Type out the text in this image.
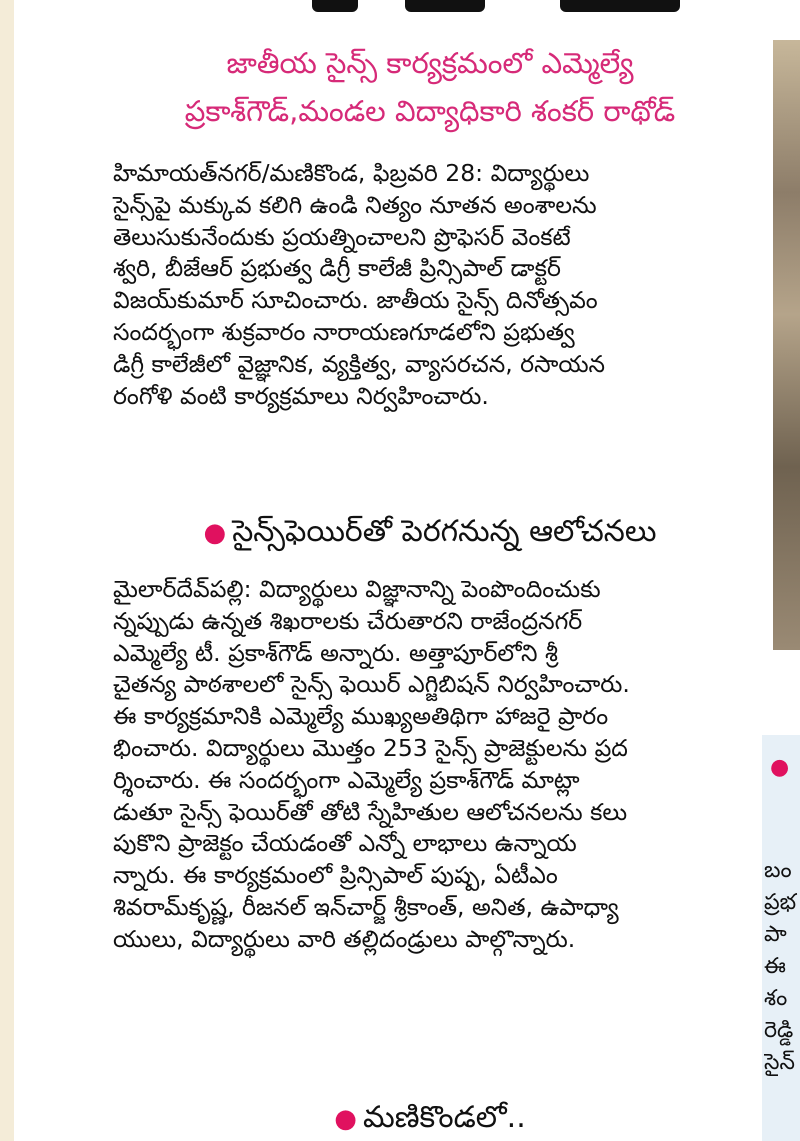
జాతీయ సైన్స్‌ కార్యక్రమంలో ఎమ్మెల్యే
ప్రకాశ్‌గౌడ్‌,మండల విద్యాధికారి శంకర్‌ రాథోడ్‌
హిమాయత్‌నగర్‌/మణికొండ, ఫిబ్రవరి 28: విద్యార్థులు
సైన్స్‌పై మక్కువ కలిగి ఉండి నిత్యం నూతన అంశాలను
తెలుసుకునేందుకు ప్రయత్నించాలని ప్రొఫెసర్‌ వెంకటే
శ్వరి, బీజేఆర్‌ ప్రభుత్వ డిగ్రీ కాలేజీ ప్రిన్సిపాల్‌ డాక్టర్‌
విజయ్‌కుమార్‌ సూచించారు. జాతీయ సైన్స్‌ దినోత్సవం
సందర్భంగా శుక్రవారం నారాయణగూడలోని ప్రభుత్వ
డిగ్రీ కాలేజీలో వైజ్ఞానిక, వ్యక్తిత్వ, వ్యాసరచన, రసాయన
రంగోళి వంటి కార్యక్రమాలు నిర్వహించారు.
● సైన్స్‌ఫెయిర్‌తో పెరగనున్న ఆలోచనలు
మైలార్‌దేవ్‌పల్లి: విద్యార్థులు విజ్ఞానాన్ని పెంపొందించుకు
న్నప్పుడు ఉన్నత శిఖరాలకు చేరుతారని రాజేంద్రనగర్‌
ఎమ్మెల్యే టీ. ప్రకాశ్‌గౌడ్‌ అన్నారు. అత్తాపూర్‌లోని శ్రీ
చైతన్య పాఠశాలలో సైన్స్‌ ఫెయిర్‌ ఎగ్జిబిషన్‌ నిర్వహించారు.
ఈ కార్యక్రమానికి ఎమ్మెల్యే ముఖ్యఅతిథిగా హాజరై ప్రారం
భించారు. విద్యార్థులు మొత్తం 253 సైన్స్‌ ప్రాజెక్టులను ప్రద
ర్శించారు. ఈ సందర్భంగా ఎమ్మెల్యే ప్రకాశ్‌గౌడ్‌ మాట్లా
డుతూ సైన్స్‌ ఫెయిర్‌తో తోటి స్నేహితుల ఆలోచనలను కలు
పుకొని ప్రాజెక్టం చేయడంతో ఎన్నో లాభాలు ఉన్నాయ
న్నారు. ఈ కార్యక్రమంలో ప్రిన్సిపాల్‌ పుష్ప, ఏటీఎం
శివరామ్‌కృష్ణ, రీజనల్‌ ఇన్‌చార్జ్‌ శ్రీకాంత్‌, అనిత, ఉపాధ్యా
యులు, విద్యార్థులు వారి తల్లిదండ్రులు పాల్గొన్నారు.
● మణికొండలో..
●
బం
ప్రభ
పా
ఈ
శం
రెడ్డి
సైన్
